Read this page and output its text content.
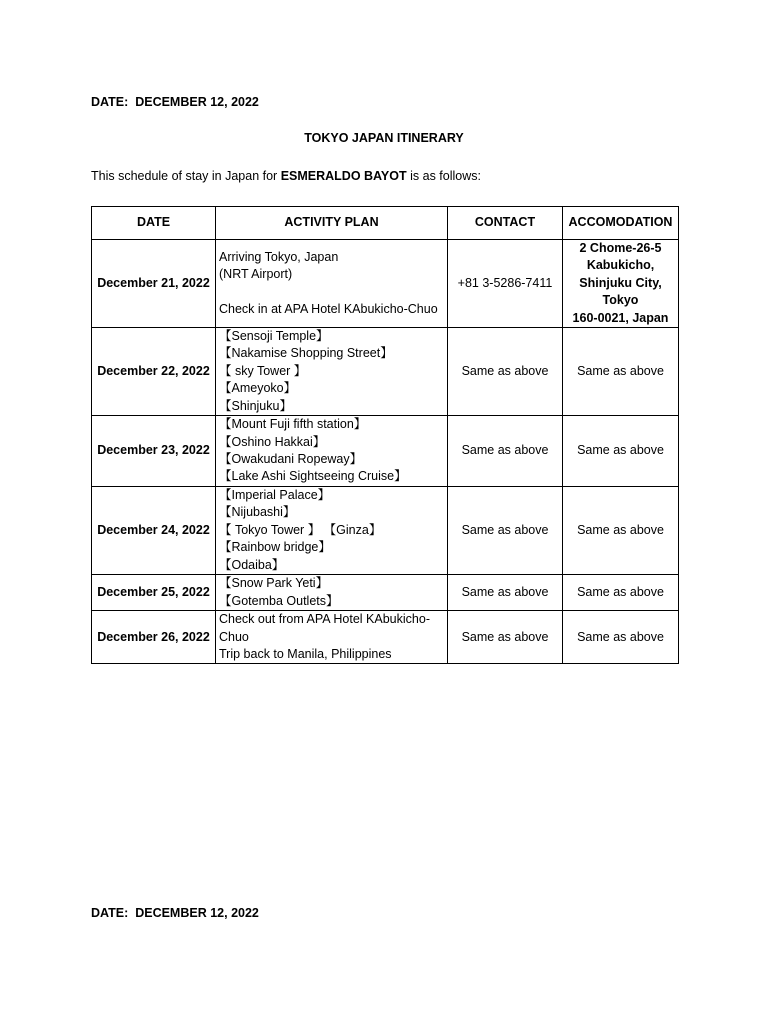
DATE:  DECEMBER 12, 2022
TOKYO JAPAN ITINERARY
This schedule of stay in Japan for ESMERALDO BAYOT is as follows:
DATE	ACTIVITY PLAN	CONTACT	ACCOMODATION
December 21, 2022	Arriving Tokyo, Japan
(NRT Airport)
Check in at APA Hotel KAbukicho-Chuo	+81 3-5286-7411	2 Chome-26-5
Kabukicho,
Shinjuku City,
Tokyo
160-0021, Japan

December 22, 2022	【Sensoji Temple】
【Nakamise Shopping Street】
【 sky Tower 】
【Ameyoko】
【Shinjuku】	Same as above	Same as above
December 23, 2022	【Mount Fuji fifth station】
【Oshino Hakkai】
【Owakudani Ropeway】
【Lake Ashi Sightseeing Cruise】	Same as above	Same as above
December 24, 2022	【Imperial Palace】
【Nijubashi】
【 Tokyo Tower 】 【Ginza】
【Rainbow bridge】
【Odaiba】	Same as above	Same as above
December 25, 2022	【Snow Park Yeti】
【Gotemba Outlets】	Same as above	Same as above
December 26, 2022	Check out from APA Hotel KAbukicho-
Chuo
Trip back to Manila, Philippines	Same as above	Same as above
DATE:  DECEMBER 12, 2022
